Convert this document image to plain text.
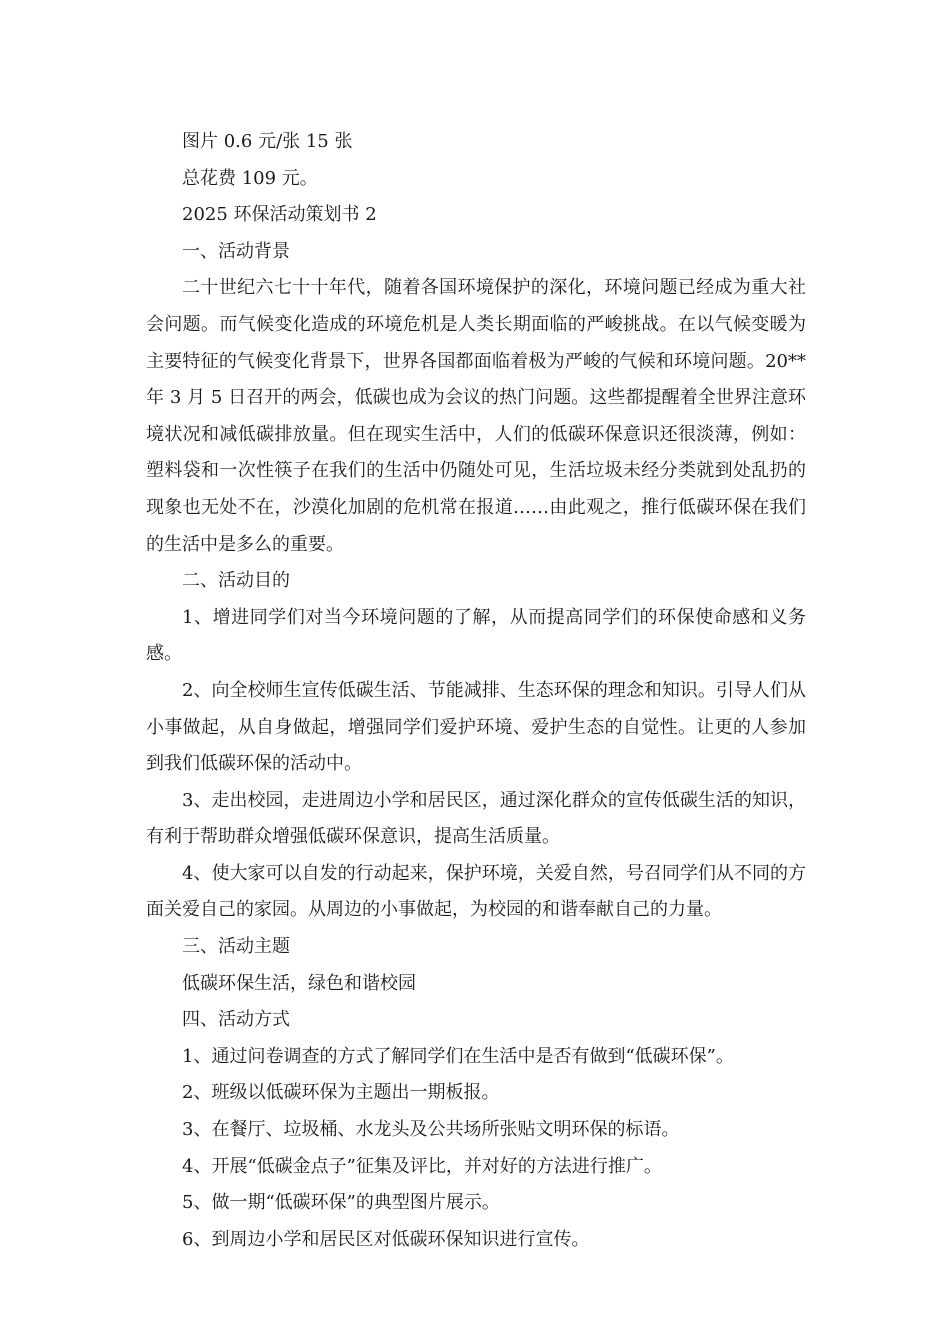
图片 0.6 元/张 15 张

总花费 109 元。

2025 环保活动策划书 2

一、活动背景

二十世纪六七十十年代，随着各国环境保护的深化，环境问题已经成为重大社会问题。而气候变化造成的环境危机是人类长期面临的严峻挑战。在以气候变暖为主要特征的气候变化背景下，世界各国都面临着极为严峻的气候和环境问题。20**年 3 月 5 日召开的两会，低碳也成为会议的热门问题。这些都提醒着全世界注意环境状况和减低碳排放量。但在现实生活中，人们的低碳环保意识还很淡薄，例如：塑料袋和一次性筷子在我们的生活中仍随处可见，生活垃圾未经分类就到处乱扔的现象也无处不在，沙漠化加剧的危机常在报道……由此观之，推行低碳环保在我们的生活中是多么的重要。

二、活动目的

1、增进同学们对当今环境问题的了解，从而提高同学们的环保使命感和义务感。

2、向全校师生宣传低碳生活、节能减排、生态环保的理念和知识。引导人们从小事做起，从自身做起，增强同学们爱护环境、爱护生态的自觉性。让更的人参加到我们低碳环保的活动中。

3、走出校园，走进周边小学和居民区，通过深化群众的宣传低碳生活的知识，有利于帮助群众增强低碳环保意识，提高生活质量。

4、使大家可以自发的行动起来，保护环境，关爱自然，号召同学们从不同的方面关爱自己的家园。从周边的小事做起，为校园的和谐奉献自己的力量。

三、活动主题

低碳环保生活，绿色和谐校园

四、活动方式

1、通过问卷调查的方式了解同学们在生活中是否有做到“低碳环保”。

2、班级以低碳环保为主题出一期板报。

3、在餐厅、垃圾桶、水龙头及公共场所张贴文明环保的标语。

4、开展“低碳金点子”征集及评比，并对好的方法进行推广。

5、做一期“低碳环保”的典型图片展示。

6、到周边小学和居民区对低碳环保知识进行宣传。
